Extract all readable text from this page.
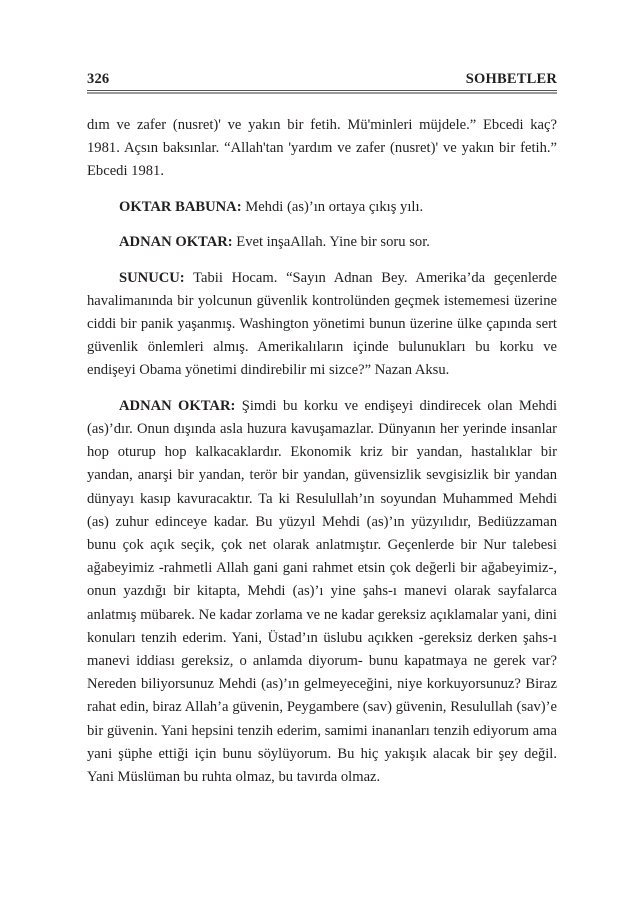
326	SOHBETLER

dım ve zafer (nusret)' ve yakın bir fetih. Mü'minleri müjdele.” Ebcedi kaç? 1981. Açsın baksınlar. “Allah'tan 'yardım ve zafer (nusret)' ve yakın bir fetih.” Ebcedi 1981.

OKTAR BABUNA: Mehdi (as)’ın ortaya çıkış yılı.

ADNAN OKTAR: Evet inşaAllah. Yine bir soru sor.

SUNUCU: Tabii Hocam. “Sayın Adnan Bey. Amerika’da geçenlerde havalimanında bir yolcunun güvenlik kontrolünden geçmek istememesi üzerine ciddi bir panik yaşanmış. Washington yönetimi bunun üzerine ülke çapında sert güvenlik önlemleri almış. Amerikalıların içinde bulunukları bu korku ve endişeyi Obama yönetimi dindirebilir mi sizce?” Nazan Aksu.

ADNAN OKTAR: Şimdi bu korku ve endişeyi dindirecek olan Mehdi (as)’dır. Onun dışında asla huzura kavuşamazlar. Dünyanın her yerinde insanlar hop oturup hop kalkacaklardır. Ekonomik kriz bir yandan, hastalıklar bir yandan, anarşi bir yandan, terör bir yandan, güvensizlik sevgisizlik bir yandan dünyayı kasıp kavuracaktır. Ta ki Resulullah’ın soyundan Muhammed Mehdi (as) zuhur edinceye kadar. Bu yüzyıl Mehdi (as)’ın yüzyılıdır, Bediüzzaman bunu çok açık seçik, çok net olarak anlatmıştır. Geçenlerde bir Nur talebesi ağabeyimiz -rahmetli Allah gani gani rahmet etsin çok değerli bir ağabeyimiz-, onun yazdığı bir kitapta, Mehdi (as)’ı yine şahs-ı manevi olarak sayfalarca anlatmış mübarek. Ne kadar zorlama ve ne kadar gereksiz açıklamalar yani, dini konuları tenzih ederim. Yani, Üstad’ın üslubu açıkken -gereksiz derken şahs-ı manevi iddiası gereksiz, o anlamda diyorum- bunu kapatmaya ne gerek var? Nereden biliyorsunuz Mehdi (as)’ın gelmeyeceğini, niye korkuyorsunuz? Biraz rahat edin, biraz Allah’a güvenin, Peygambere (sav) güvenin, Resulullah (sav)’e bir güvenin. Yani hepsini tenzih ederim, samimi inananları tenzih ediyorum ama yani şüphe ettiği için bunu söylüyorum. Bu hiç yakışık alacak bir şey değil. Yani Müslüman bu ruhta olmaz, bu tavırda olmaz.
